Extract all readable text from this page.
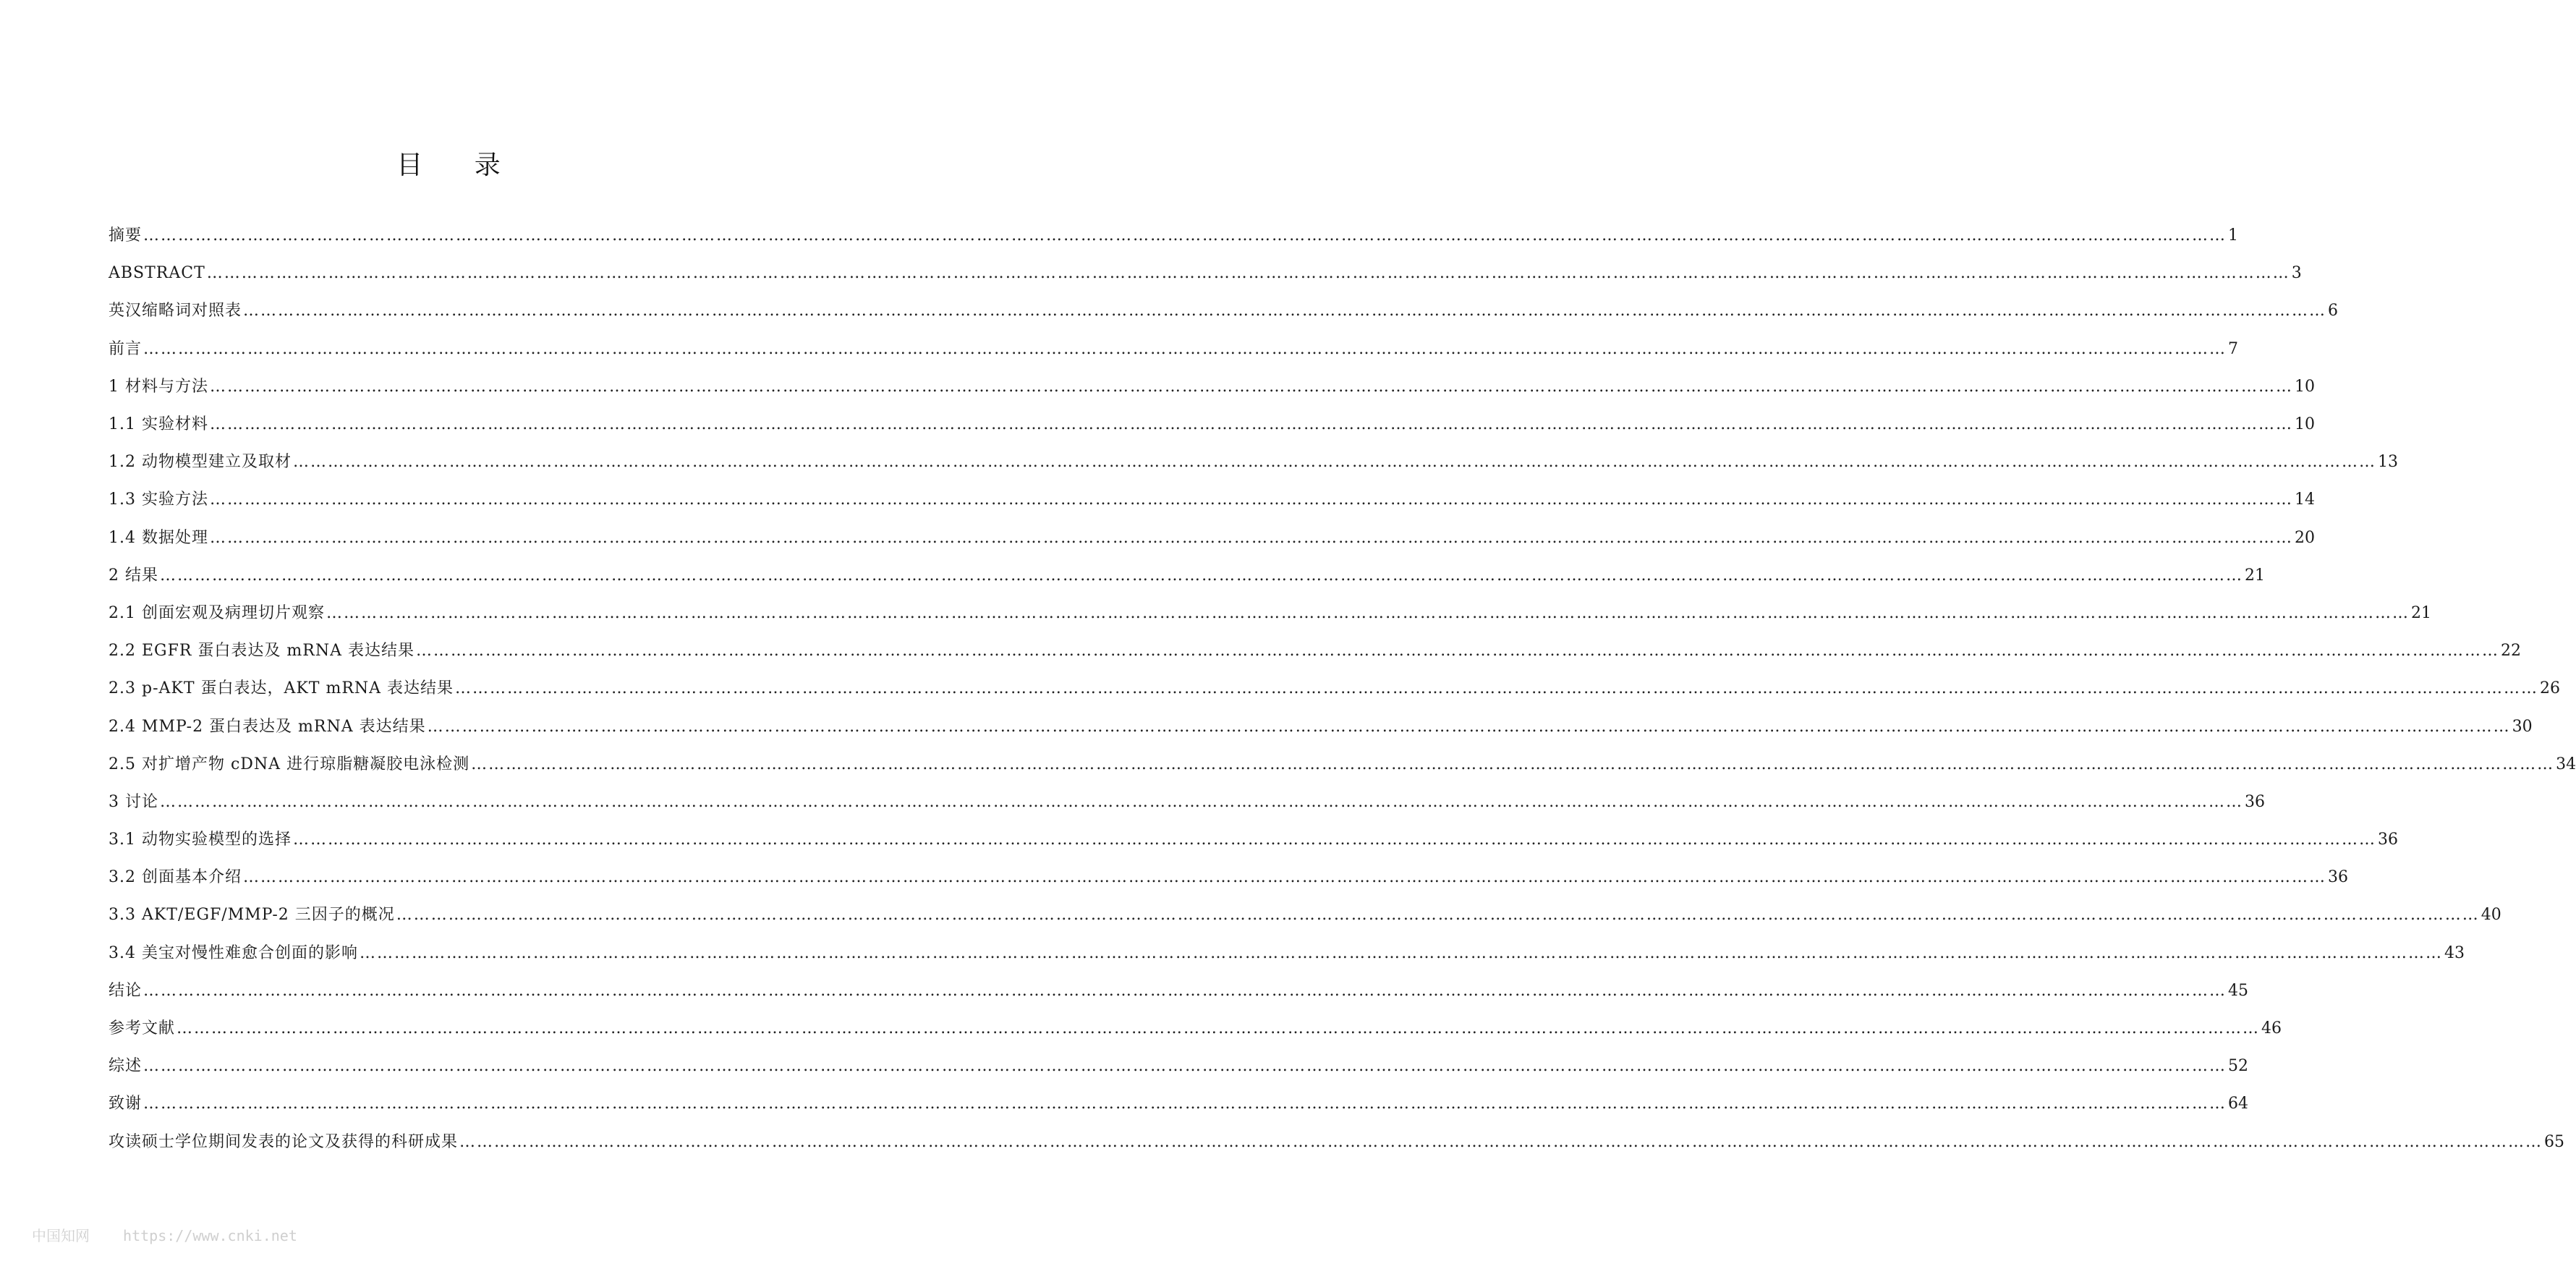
目 录
摘要 ……………………………………………………………………………………………………………………………………………………………………………………………………………………………………………………………………………………………………………………………… 1
ABSTRACT ……………………………………………………………………………………………………………………………………………………………………………………………………………………………………………………………………………………………………………………………… 3
英汉缩略词对照表 ……………………………………………………………………………………………………………………………………………………………………………………………………………………………………………………………………………………………………………………………… 6
前言 ……………………………………………………………………………………………………………………………………………………………………………………………………………………………………………………………………………………………………………………………… 7
1 材料与方法 ……………………………………………………………………………………………………………………………………………………………………………………………………………………………………………………………………………………………………………………………… 10
1.1 实验材料 ……………………………………………………………………………………………………………………………………………………………………………………………………………………………………………………………………………………………………………………………… 10
1.2 动物模型建立及取材 ……………………………………………………………………………………………………………………………………………………………………………………………………………………………………………………………………………………………………………………………… 13
1.3 实验方法 ……………………………………………………………………………………………………………………………………………………………………………………………………………………………………………………………………………………………………………………………… 14
1.4 数据处理 ……………………………………………………………………………………………………………………………………………………………………………………………………………………………………………………………………………………………………………………………… 20
2 结果 ……………………………………………………………………………………………………………………………………………………………………………………………………………………………………………………………………………………………………………………………… 21
2.1 创面宏观及病理切片观察 ……………………………………………………………………………………………………………………………………………………………………………………………………………………………………………………………………………………………………………………………… 21
2.2 EGFR 蛋白表达及 mRNA 表达结果 ……………………………………………………………………………………………………………………………………………………………………………………………………………………………………………………………………………………………………………………………… 22
2.3 p-AKT 蛋白表达，AKT mRNA 表达结果 ……………………………………………………………………………………………………………………………………………………………………………………………………………………………………………………………………………………………………………………………… 26
2.4 MMP-2 蛋白表达及 mRNA 表达结果 ……………………………………………………………………………………………………………………………………………………………………………………………………………………………………………………………………………………………………………………………… 30
2.5 对扩增产物 cDNA 进行琼脂糖凝胶电泳检测 ……………………………………………………………………………………………………………………………………………………………………………………………………………………………………………………………………………………………………………………………… 34
3 讨论 ……………………………………………………………………………………………………………………………………………………………………………………………………………………………………………………………………………………………………………………………… 36
3.1 动物实验模型的选择 ……………………………………………………………………………………………………………………………………………………………………………………………………………………………………………………………………………………………………………………………… 36
3.2 创面基本介绍 ……………………………………………………………………………………………………………………………………………………………………………………………………………………………………………………………………………………………………………………………… 36
3.3 AKT/EGF/MMP-2 三因子的概况 ……………………………………………………………………………………………………………………………………………………………………………………………………………………………………………………………………………………………………………………………… 40
3.4 美宝对慢性难愈合创面的影响 ……………………………………………………………………………………………………………………………………………………………………………………………………………………………………………………………………………………………………………………………… 43
结论 ……………………………………………………………………………………………………………………………………………………………………………………………………………………………………………………………………………………………………………………………… 45
参考文献 ……………………………………………………………………………………………………………………………………………………………………………………………………………………………………………………………………………………………………………………………… 46
综述 ……………………………………………………………………………………………………………………………………………………………………………………………………………………………………………………………………………………………………………………………… 52
致谢 ……………………………………………………………………………………………………………………………………………………………………………………………………………………………………………………………………………………………………………………………… 64
攻读硕士学位期间发表的论文及获得的科研成果 ……………………………………………………………………………………………………………………………………………………………………………………………………………………………………………………………………………………………………………………………… 65
中国知网 https://www.cnki.net
